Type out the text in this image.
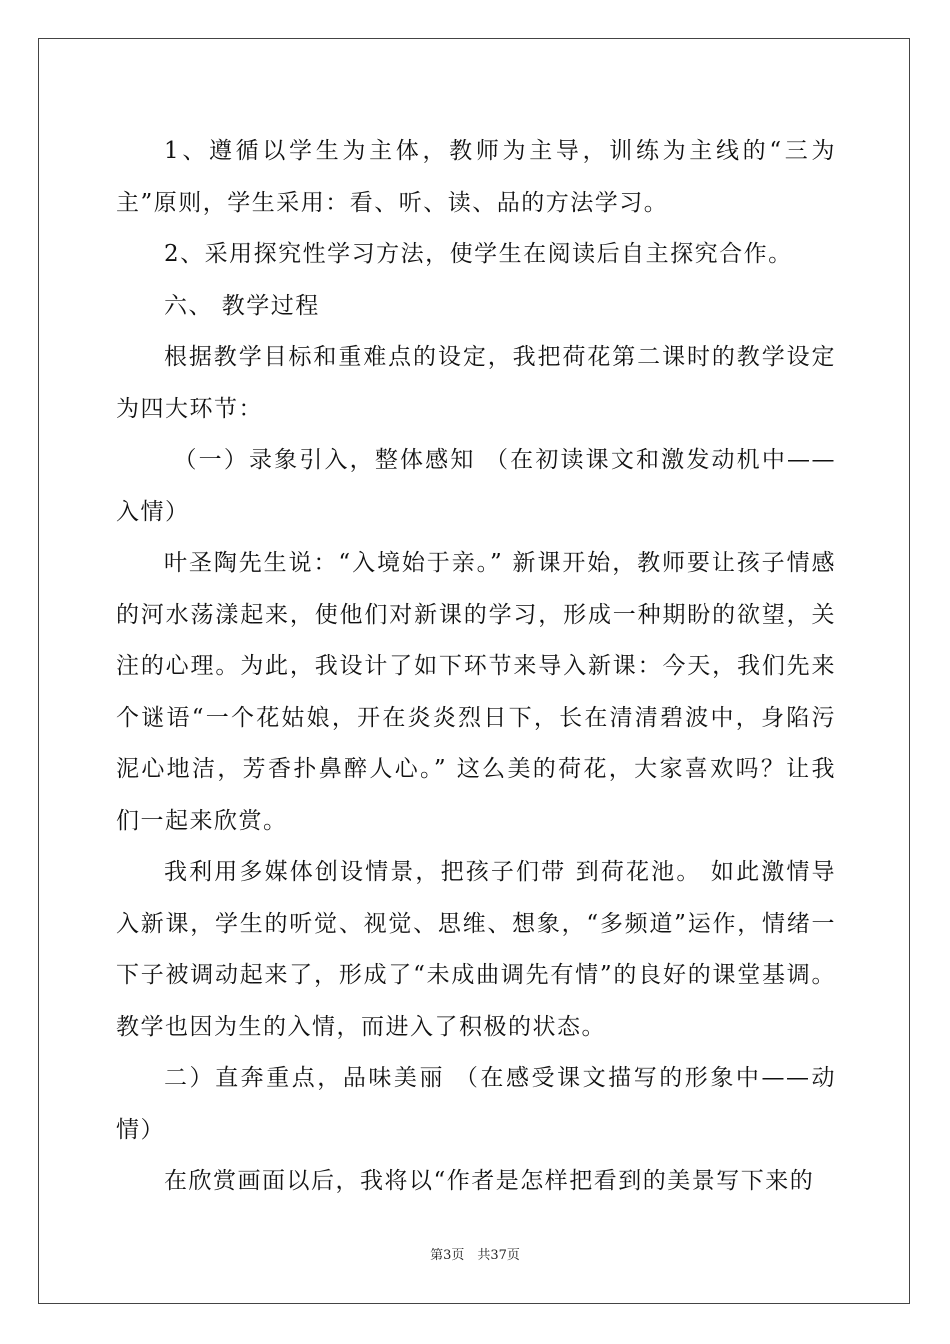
1、遵循以学生为主体，教师为主导，训练为主线的“三为主”原则，学生采用：看、听、读、品的方法学习。

2、采用探究性学习方法，使学生在阅读后自主探究合作。

六、 教学过程

根据教学目标和重难点的设定，我把荷花第二课时的教学设定为四大环节：

（一）录象引入，整体感知 （在初读课文和激发动机中——入情）

叶圣陶先生说：“入境始于亲。” 新课开始，教师要让孩子情感的河水荡漾起来，使他们对新课的学习，形成一种期盼的欲望，关注的心理。为此，我设计了如下环节来导入新课：今天，我们先来个谜语“一个花姑娘，开在炎炎烈日下，长在清清碧波中，身陷污泥心地洁，芳香扑鼻醉人心。” 这么美的荷花，大家喜欢吗？让我们一起来欣赏。

我利用多媒体创设情景，把孩子们带 到荷花池。 如此激情导入新课，学生的听觉、视觉、思维、想象，“多频道”运作，情绪一下子被调动起来了，形成了“未成曲调先有情”的良好的课堂基调。教学也因为生的入情，而进入了积极的状态。

二）直奔重点，品味美丽 （在感受课文描写的形象中——动情）

在欣赏画面以后，我将以“作者是怎样把看到的美景写下来的

第3页　共37页
